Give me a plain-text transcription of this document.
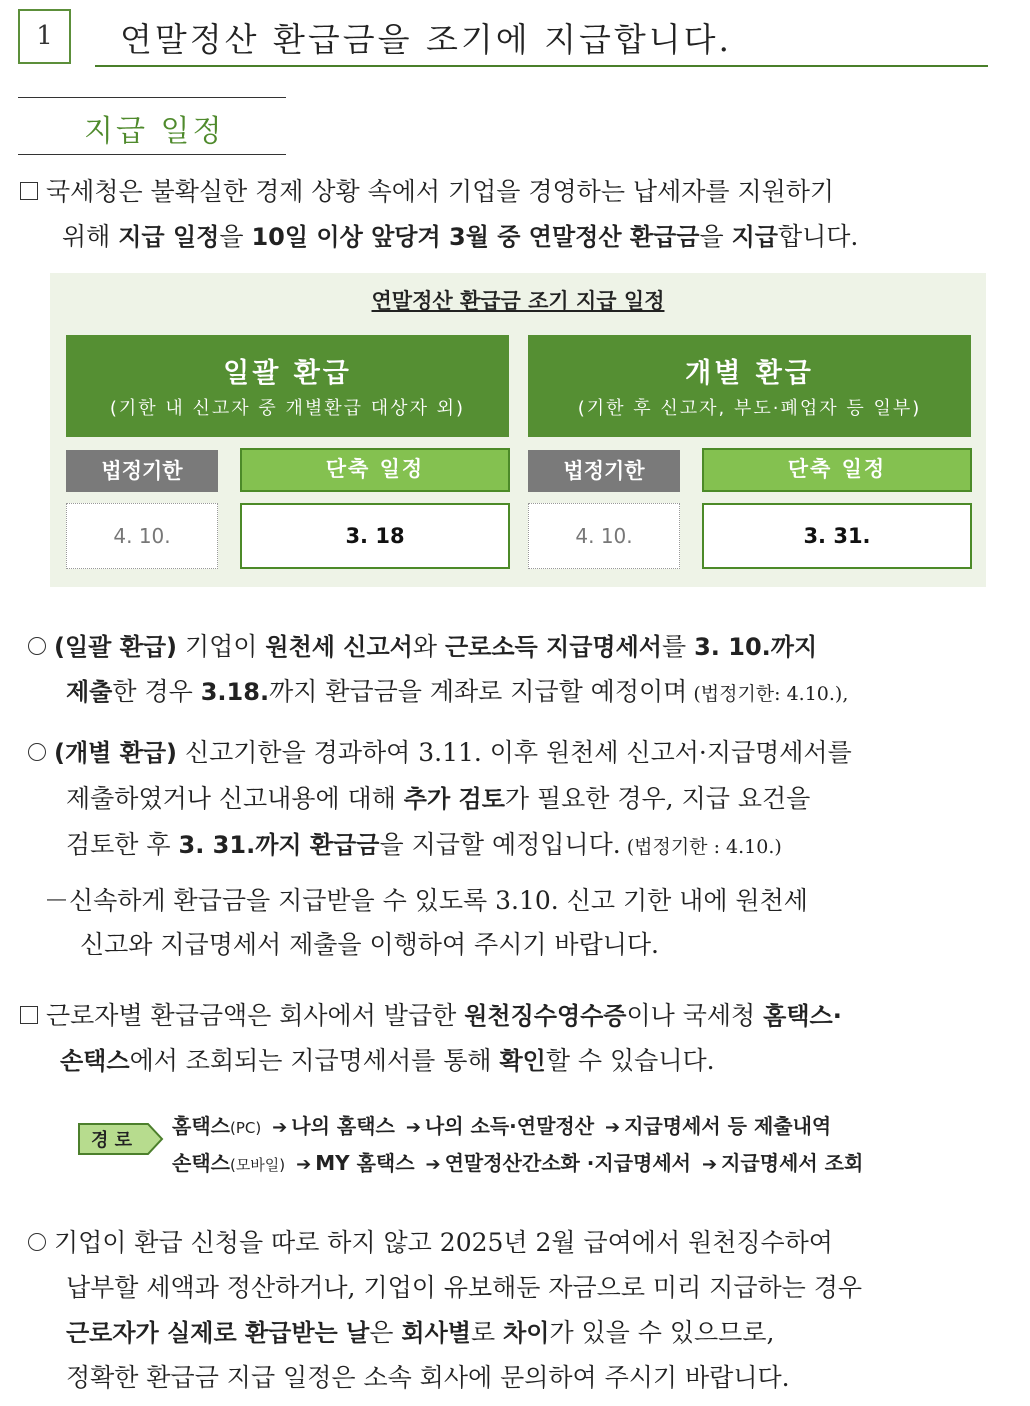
1	연말정산 환급금을 조기에 지급합니다.
지급 일정
국세청은 불확실한 경제 상황 속에서 기업을 경영하는 납세자를 지원하기
위해 지급 일정을 10일 이상 앞당겨 3월 중 연말정산 환급금을 지급합니다.
연말정산 환급금 조기 지급 일정
일괄 환급
(기한 내 신고자 중 개별환급 대상자 외)
개별 환급
(기한 후 신고자, 부도·폐업자 등 일부)
법정기한	단축 일정	법정기한	단축 일정
4. 10.	3. 18	4. 10.	3. 31.
(일괄 환급) 기업이 원천세 신고서와 근로소득 지급명세서를 3. 10.까지
제출한 경우 3.18.까지 환급금을 계좌로 지급할 예정이며 (법정기한: 4.10.),
(개별 환급) 신고기한을 경과하여 3.11. 이후 원천세 신고서·지급명세서를
제출하였거나 신고내용에 대해 추가 검토가 필요한 경우, 지급 요건을
검토한 후 3. 31.까지 환급금을 지급할 예정입니다. (법정기한 : 4.10.)
－신속하게 환급금을 지급받을 수 있도록 3.10. 신고 기한 내에 원천세
신고와 지급명세서 제출을 이행하여 주시기 바랍니다.
근로자별 환급금액은 회사에서 발급한 원천징수영수증이나 국세청 홈택스·
손택스에서 조회되는 지급명세서를 통해 확인할 수 있습니다.
경 로
홈택스(PC) ➔ 나의 홈택스 ➔ 나의 소득·연말정산 ➔ 지급명세서 등 제출내역
손택스(모바일) ➔ MY 홈택스 ➔ 연말정산간소화 ·지급명세서 ➔ 지급명세서 조회
기업이 환급 신청을 따로 하지 않고 2025년 2월 급여에서 원천징수하여
납부할 세액과 정산하거나, 기업이 유보해둔 자금으로 미리 지급하는 경우
근로자가 실제로 환급받는 날은 회사별로 차이가 있을 수 있으므로,
정확한 환급금 지급 일정은 소속 회사에 문의하여 주시기 바랍니다.
